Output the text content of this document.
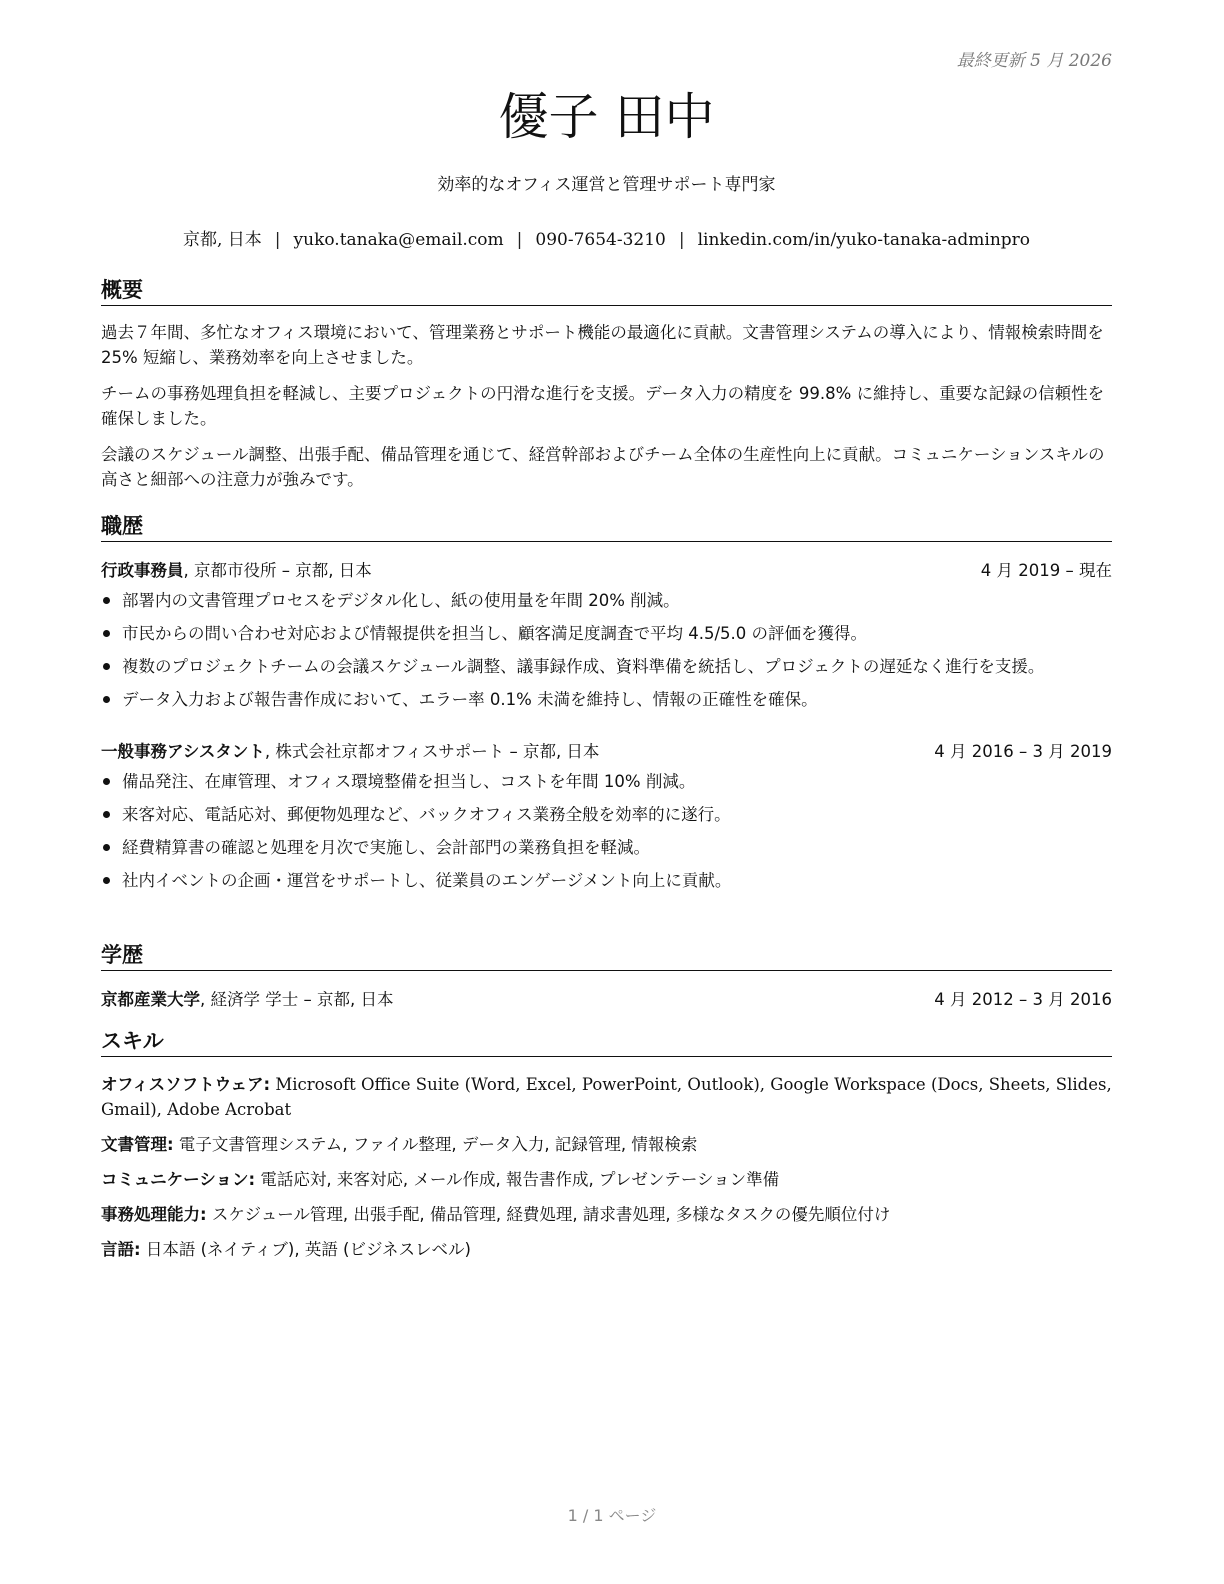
最終更新 5 月 2026
優子 田中
効率的なオフィス運営と管理サポート専門家
京都, 日本 | yuko.tanaka@email.com | 090-7654-3210 | linkedin.com/in/yuko-tanaka-adminpro
概要

過去７年間、多忙なオフィス環境において、管理業務とサポート機能の最適化に貢献。文書管理システムの導入により、情報検索時間を 25% 短縮し、業務効率を向上させました。

チームの事務処理負担を軽減し、主要プロジェクトの円滑な進行を支援。データ入力の精度を 99.8% に維持し、重要な記録の信頼性を確保しました。

会議のスケジュール調整、出張手配、備品管理を通じて、経営幹部およびチーム全体の生産性向上に貢献。コミュニケーションスキルの高さと細部への注意力が強みです。

職歴
行政事務員, 京都市役所 – 京都, 日本	4 月 2019 – 現在
部署内の文書管理プロセスをデジタル化し、紙の使用量を年間 20% 削減。
市民からの問い合わせ対応および情報提供を担当し、顧客満足度調査で平均 4.5/5.0 の評価を獲得。
複数のプロジェクトチームの会議スケジュール調整、議事録作成、資料準備を統括し、プロジェクトの遅延なく進行を支援。
データ入力および報告書作成において、エラー率 0.1% 未満を維持し、情報の正確性を確保。
一般事務アシスタント, 株式会社京都オフィスサポート – 京都, 日本	4 月 2016 – 3 月 2019
備品発注、在庫管理、オフィス環境整備を担当し、コストを年間 10% 削減。
来客対応、電話応対、郵便物処理など、バックオフィス業務全般を効率的に遂行。
経費精算書の確認と処理を月次で実施し、会計部門の業務負担を軽減。
社内イベントの企画・運営をサポートし、従業員のエンゲージメント向上に貢献。
学歴
京都産業大学, 経済学 学士 – 京都, 日本	4 月 2012 – 3 月 2016
スキル
オフィスソフトウェア: Microsoft Office Suite (Word, Excel, PowerPoint, Outlook), Google Workspace (Docs, Sheets, Slides, Gmail), Adobe Acrobat
文書管理: 電子文書管理システム, ファイル整理, データ入力, 記録管理, 情報検索
コミュニケーション: 電話応対, 来客対応, メール作成, 報告書作成, プレゼンテーション準備
事務処理能力: スケジュール管理, 出張手配, 備品管理, 経費処理, 請求書処理, 多様なタスクの優先順位付け
言語: 日本語 (ネイティブ), 英語 (ビジネスレベル)
1 / 1 ページ
